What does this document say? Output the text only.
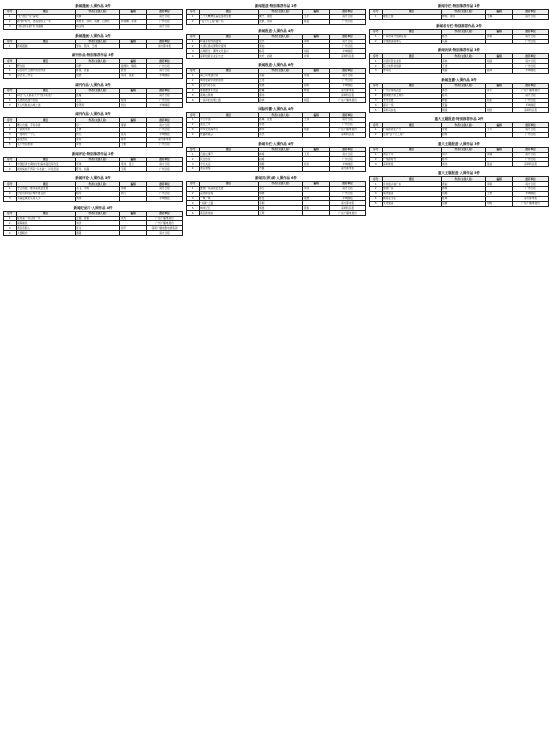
新闻漫画·入围作品 3件
序号	题目	作者(主创人员)	编辑	推荐单位
1	“生”涯还“荒”着呢？	何耕		南方日报
2	新“耕”时代，登高望远又一年	岑欣龙、邹昕、陈雅、吕仲达	许锦麟、李清	广州日报
3	“我们的家园”系列漫画	杨宝峰		南方日报
新闻漫画·入围作品 1件
序号	题目	作者(主创人员)	编辑	推荐单位
1	新闻漫画	邹东、陈泽、王湘		南方都市报
副刊作品·特别推荐作品 3件
序号	题目	作者(主创人员)	编辑	推荐单位
1	野生榕	冯舒	廖湘玫、魏艳	广州日报
2	写在时代行旅中的创作者	陈谋、张蕾	赵雪	南方日报
3	东北有三件宝	吴德	李泽、张美	羊城晚报
副刊作品·入围作品 3件
序号	题目	作者(主创人员)	编辑	推荐单位
1	AI让“人人都是天才”成为可能？	张耀		南方日报
2	人类的孤独与连接	王江	杨伟	广州日报
3	无人机航拍古城之美	金笔周	刘文	羊城晚报
副刊作品·入围作品 5件
序号	题目	作者(主创人员)	编辑	推荐单位
1	赠人玫瑰，手有余香	彭一	秦颖	南方日报
2	一起向未来	王勇		广州日报
3	一座城与一个人	何元	张亮	羊城晚报
4	春夜赏花	邹东	陈华	南方都市报
5	从广州到世界	李雪	王帆	广州日报
新闻评论·特别推荐作品 2件
序号	题目	作者(主创人员)	编辑	推荐单位
1	中国经济长期向好的基本面没有改变	李琪	梁伟、张兰	南方日报
2	谈判桌前不再有“口水战”，评论员说	陈龙、赵磊	王明	广州日报
新闻评论·入围作品 3件
序号	题目	作者(主创人员)	编辑	推荐单位
1	守正创新，推动高质量发展	邓飞、方明	李刚	南方日报
2	讨论该如何让城市更宜居	杨华	陈红	广州日报
3	为基层减负从何入手	刘伟		羊城晚报
新闻纪录片·入围作品 4件
序号	题目	作者(主创人员)	编辑	推荐单位
1	驻村第一书记的一年	王刚、陈蕾	李杰	广东广播电视台
2	南海渔民	刘洋		广州广播电视台
3	湾区造船人	张文	何平	深圳广播电影电视集团
4	大国粮仓	黄强		南方日报
新闻报道·特别推荐作品 2件
序号	题目	作者(主创人员)	编辑	推荐单位
1	二十大精神在基层落地生根	魏宁、黄凯	王平	南方日报
2	“百千万工程”看广东	张帆、刘菲	陈昊	广州日报
新闻报道·入围作品 4件
序号	题目	作者(主创人员)	编辑	推荐单位
1	岭南乡村的新面貌	吴杰	李明	南方日报
2	大湾区通关便利化提速	周灿		广州日报
3	古城新生：潮州文化复兴	林丹	刘雨	羊城晚报
4	深圳创新企业走出去	朱轩、赵敏	许婷	深圳特区报
新闻报道·入围作品 6件
序号	题目	作者(主创人员)	编辑	推荐单位
1	海上风电建设者	邓丽	李强	南方日报
2	城市更新中的老街坊	王涛		广州日报
3	农业科技小院	蔡晓	何明	羊城晚报
4	粤港澳青年创业	陈曦	林强	南方都市报
5	南粤古驿道	黄伟		深圳特区报
6	一条河的治理之路	孙林	胡蓝	广东广播电视台
国际传播·入围作品 4件
序号	题目	作者(主创人员)	编辑	推荐单位
1	今日中国	陈琳、张悦	王伟	南方日报
2	湾区之声	李伟		广州日报
3	中华文化海外行	钟华	刘星	广东广播电视台
4	丝路新篇章	邓杰		深圳特区报
新闻专栏·入围作品 4件
序号	题目	作者(主创人员)	编辑	推荐单位
1	百姓议事厅	林峰	王英	南方日报
2	民生热线	赵峰		广州日报
3	今日关注	刘畅	何亮	羊城晚报
4	湾区观察	方圆		南方都市报
新闻页(界)面·入围作品 6件
序号	题目	作者(主创人员)	编辑	推荐单位
1	聚焦广东高质量发展	邓红	李冰	南方日报
2	奋进新征程	胡晓		广州日报
3	一城一味	陈佳	梁慧	羊城晚报
4	“双碳”之路	李桐		南方都市报
5	城市记忆	刘晨	张艳	深圳特区报
6	湾区新地标	王辉		广东广播电视台
新闻专栏·特别推荐作品 1件
序号	题目	作者(主创人员)	编辑	推荐单位
1	理论之窗	钟明、黄佳	王琳	南方日报
新闻名专栏·特别推荐作品 2件
序号	题目	作者(主创人员)	编辑	推荐单位
1	广东改革开放新征程	陈杰	李艳	南方日报
2	寻找最美南粤人	马丽		广州日报
新闻访谈·特别推荐作品 3件
序号	题目	作者(主创人员)	编辑	推荐单位
1	对话民营企业家	邓林	何丽	南方日报
2	院士谈科技创新	王涛		广州日报
3	青年说	刘丽	陈辉	羊城晚报
新闻直播·入围作品 5件
序号	题目	作者(主创人员)	编辑	推荐单位
1	广交会现场直击	黄杰	李平	广东广播电视台
2	港珠澳大桥五周年	陈亮		南方日报
3	龙舟竞渡	林凯	何东	广州日报
4	春运一线	张磊		羊城晚报
5	深圳马拉松	周锋	刘欣	深圳特区报
重大主题报道·特别推荐作品 2件
序号	题目	作者(主创人员)	编辑	推荐单位
1	打造新质生产力	李晨	王芳	南方日报
2	走进“百千万工程”	赵婷		广州日报
重大主题报道·入围作品 3件
序号	题目	作者(主创人员)	编辑	推荐单位
1	湾区十年	何平	李娜	南方日报
2	广州新时代	陈华		广州日报
3	深圳速度	刘伟	张丽	深圳特区报
重大主题报道·入围作品 5件
序号	题目	作者(主创人员)	编辑	推荐单位
1	乡村振兴看广东	黄丽	李刚	南方日报
2	绿美广东	林峰		广州日报
3	海洋强省	何娜	王勇	羊城晚报
4	制造业当家	陈辉		南方都市报
5	文化强省	吴静	刘明	广东广播电视台
